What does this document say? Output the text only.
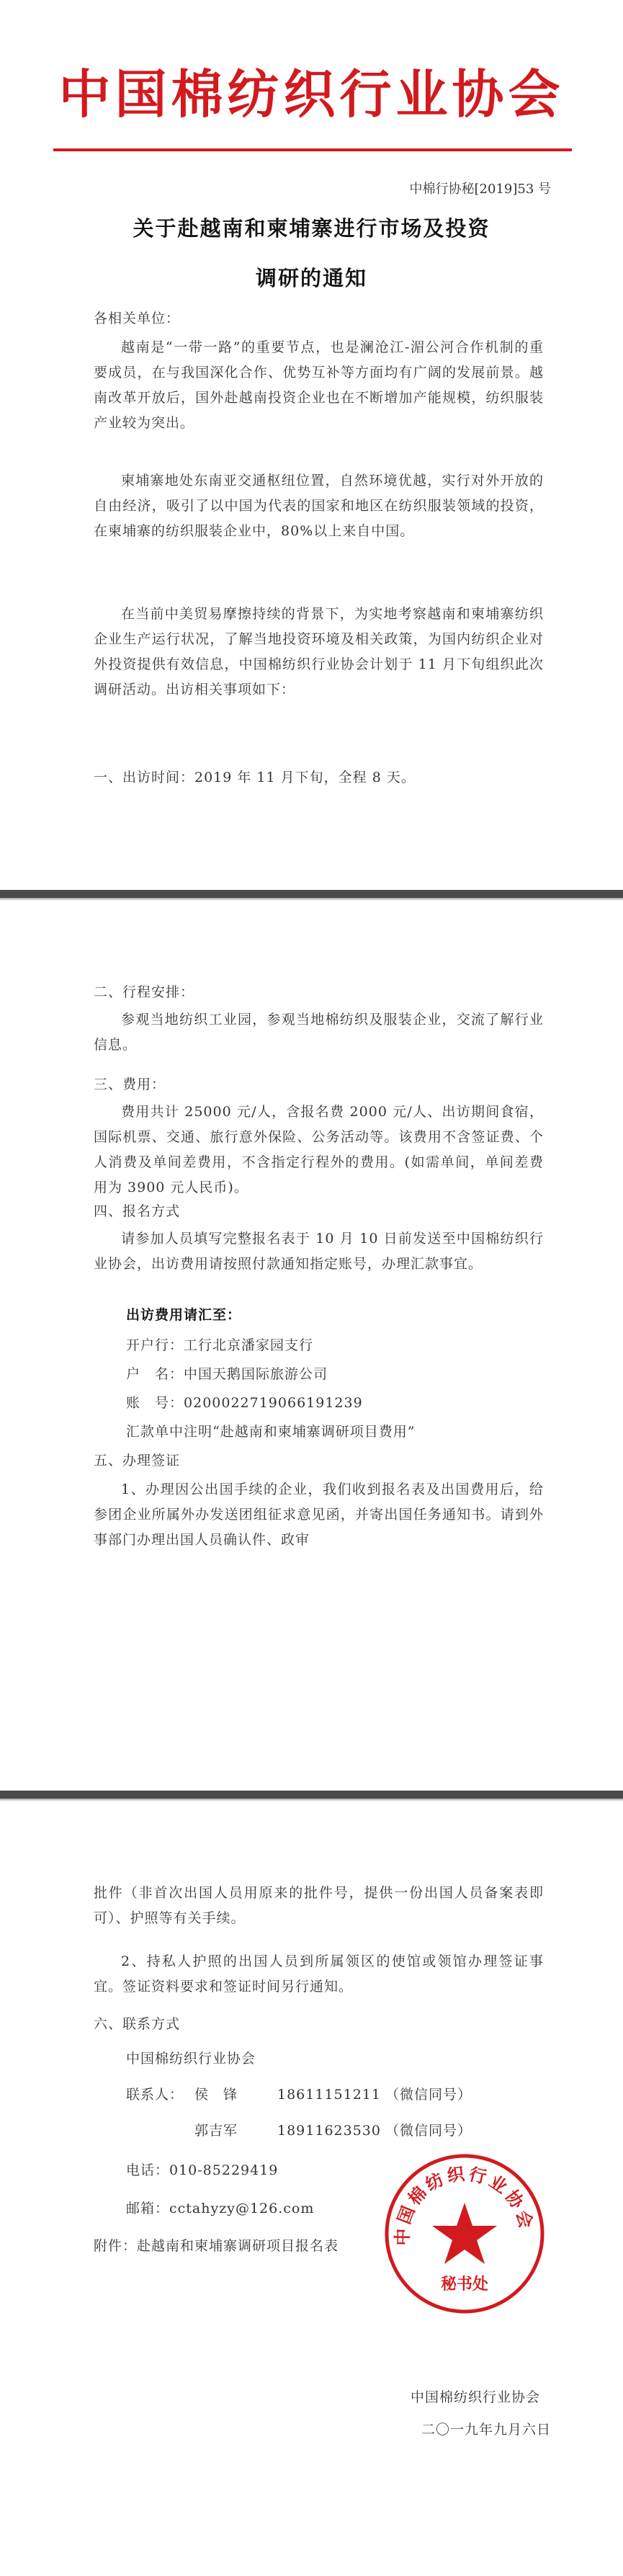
中国棉纺织行业协会
中棉行协秘[2019]53 号
关于赴越南和柬埔寨进行市场及投资
调研的通知
各相关单位：
越南是“一带一路”的重要节点，也是澜沧江-湄公河合作机制的重要成员，在与我国深化合作、优势互补等方面均有广阔的发展前景。越南改革开放后，国外赴越南投资企业也在不断增加产能规模，纺织服装产业较为突出。
柬埔寨地处东南亚交通枢纽位置，自然环境优越，实行对外开放的自由经济，吸引了以中国为代表的国家和地区在纺织服装领域的投资，在柬埔寨的纺织服装企业中，80%以上来自中国。
在当前中美贸易摩擦持续的背景下，为实地考察越南和柬埔寨纺织企业生产运行状况，了解当地投资环境及相关政策，为国内纺织企业对外投资提供有效信息，中国棉纺织行业协会计划于 11 月下旬组织此次调研活动。出访相关事项如下：
一、出访时间：2019 年 11 月下旬，全程 8 天。
二、行程安排：
参观当地纺织工业园，参观当地棉纺织及服装企业，交流了解行业信息。
三、费用：
费用共计 25000 元/人，含报名费 2000 元/人、出访期间食宿，国际机票、交通、旅行意外保险、公务活动等。该费用不含签证费、个人消费及单间差费用，不含指定行程外的费用。(如需单间，单间差费用为 3900 元人民币)。
四、报名方式
请参加人员填写完整报名表于 10 月 10 日前发送至中国棉纺织行业协会，出访费用请按照付款通知指定账号，办理汇款事宜。
出访费用请汇至：
开户行：工行北京潘家园支行
户　名：中国天鹅国际旅游公司
账　号：0200022719066191239
汇款单中注明“赴越南和柬埔寨调研项目费用”
五、办理签证
1、办理因公出国手续的企业，我们收到报名表及出国费用后，给参团企业所属外办发送团组征求意见函，并寄出国任务通知书。请到外事部门办理出国人员确认件、政审
批件（非首次出国人员用原来的批件号，提供一份出国人员备案表即可）、护照等有关手续。
2、持私人护照的出国人员到所属领区的使馆或领馆办理签证事宜。签证资料要求和签证时间另行通知。
六、联系方式
中国棉纺织行业协会
联系人： 侯　锋	18611151211 （微信同号）
郭吉军	18911623530 （微信同号）
电话：010-85229419
邮箱：cctahyzy@126.com
附件：赴越南和柬埔寨调研项目报名表
中国棉纺织行业协会
二〇一九年九月六日
中国棉纺织行业协会
秘书处
